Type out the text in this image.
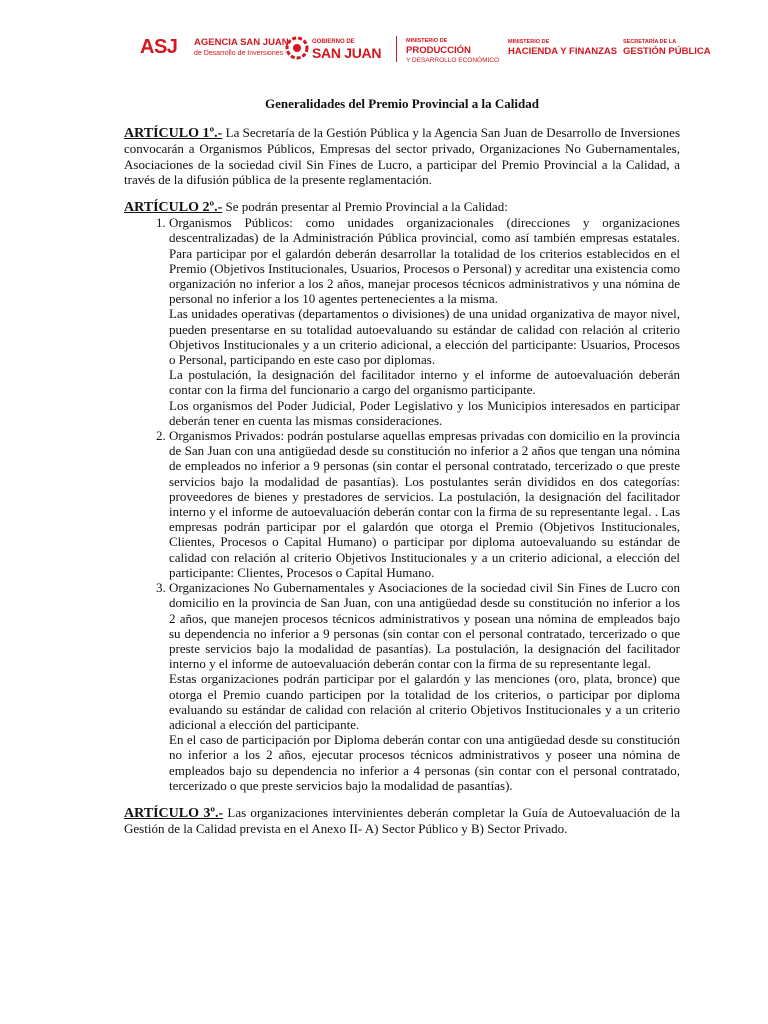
ASJ AGENCIA SAN JUAN
de Desarrollo de Inversiones
GOBIERNO DE
SAN JUAN
MINISTERIO DE
PRODUCCIÓN
Y DESARROLLO ECONÓMICO
MINISTERIO DE
HACIENDA Y FINANZAS
SECRETARÍA DE LA
GESTIÓN PÚBLICA
Generalidades del Premio Provincial a la Calidad

ARTÍCULO 1º.- La Secretaría de la Gestión Pública y la Agencia San Juan de Desarrollo de Inversiones convocarán a Organismos Públicos, Empresas del sector privado, Organizaciones No Gubernamentales, Asociaciones de la sociedad civil Sin Fines de Lucro, a participar del Premio Provincial a la Calidad, a través de la difusión pública de la presente reglamentación.

ARTÍCULO 2º.- Se podrán presentar al Premio Provincial a la Calidad:

1. Organismos Públicos: como unidades organizacionales (direcciones y organizaciones descentralizadas) de la Administración Pública provincial, como así también empresas estatales. Para participar por el galardón deberán desarrollar la totalidad de los criterios establecidos en el Premio (Objetivos Institucionales, Usuarios, Procesos o Personal) y acreditar una existencia como organización no inferior a los 2 años, manejar procesos técnicos administrativos y una nómina de personal no inferior a los 10 agentes pertenecientes a la misma.

Las unidades operativas (departamentos o divisiones) de una unidad organizativa de mayor nivel, pueden presentarse en su totalidad autoevaluando su estándar de calidad con relación al criterio Objetivos Institucionales y a un criterio adicional, a elección del participante: Usuarios, Procesos o Personal, participando en este caso por diplomas.

La postulación, la designación del facilitador interno y el informe de autoevaluación deberán contar con la firma del funcionario a cargo del organismo participante.

Los organismos del Poder Judicial, Poder Legislativo y los Municipios interesados en participar deberán tener en cuenta las mismas consideraciones.

2. Organismos Privados: podrán postularse aquellas empresas privadas con domicilio en la provincia de San Juan con una antigüedad desde su constitución no inferior a 2 años que tengan una nómina de empleados no inferior a 9 personas (sin contar el personal contratado, tercerizado o que preste servicios bajo la modalidad de pasantías). Los postulantes serán divididos en dos categorías: proveedores de bienes y prestadores de servicios. La postulación, la designación del facilitador interno y el informe de autoevaluación deberán contar con la firma de su representante legal. . Las empresas podrán participar por el galardón que otorga el Premio (Objetivos Institucionales, Clientes, Procesos o Capital Humano) o participar por diploma autoevaluando su estándar de calidad con relación al criterio Objetivos Institucionales y a un criterio adicional, a elección del participante: Clientes, Procesos o Capital Humano.

3. Organizaciones No Gubernamentales y Asociaciones de la sociedad civil Sin Fines de Lucro con domicilio en la provincia de San Juan, con una antigüedad desde su constitución no inferior a los 2 años, que manejen procesos técnicos administrativos y posean una nómina de empleados bajo su dependencia no inferior a 9 personas (sin contar con el personal contratado, tercerizado o que preste servicios bajo la modalidad de pasantías). La postulación, la designación del facilitador interno y el informe de autoevaluación deberán contar con la firma de su representante legal.

Estas organizaciones podrán participar por el galardón y las menciones (oro, plata, bronce) que otorga el Premio cuando participen por la totalidad de los criterios, o participar por diploma evaluando su estándar de calidad con relación al criterio Objetivos Institucionales y a un criterio adicional a elección del participante.

En el caso de participación por Diploma deberán contar con una antigüedad desde su constitución no inferior a los 2 años, ejecutar procesos técnicos administrativos y poseer una nómina de empleados bajo su dependencia no inferior a 4 personas (sin contar con el personal contratado, tercerizado o que preste servicios bajo la modalidad de pasantías).

ARTÍCULO 3º.- Las organizaciones intervinientes deberán completar la Guía de Autoevaluación de la Gestión de la Calidad prevista en el Anexo II- A) Sector Público y B) Sector Privado.
